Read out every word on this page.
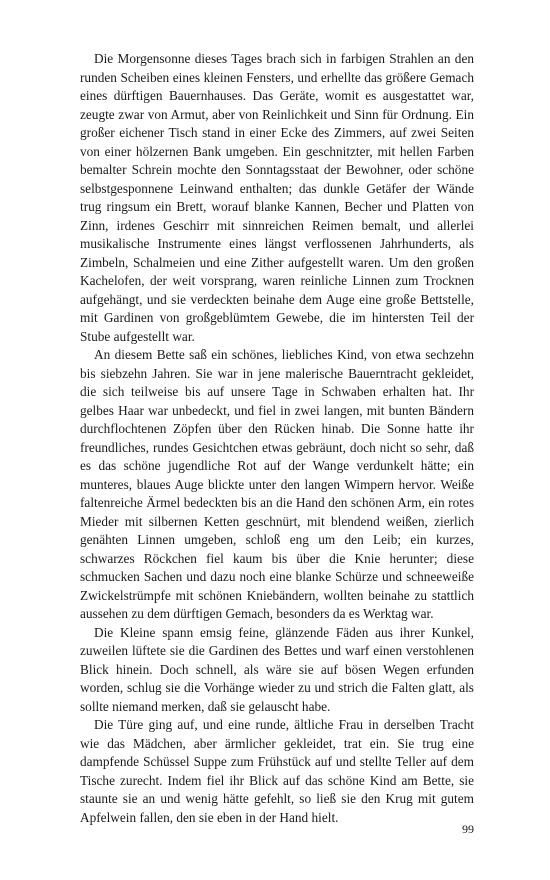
Die Morgensonne dieses Tages brach sich in farbigen Strahlen an den runden Scheiben eines kleinen Fensters, und erhellte das größere Gemach eines dürftigen Bauernhauses. Das Geräte, womit es ausgestattet war, zeugte zwar von Armut, aber von Reinlichkeit und Sinn für Ordnung. Ein großer eichener Tisch stand in einer Ecke des Zimmers, auf zwei Seiten von einer hölzernen Bank umgeben. Ein geschnitzter, mit hellen Farben bemalter Schrein mochte den Sonntagsstaat der Bewohner, oder schöne selbstgesponnene Leinwand enthalten; das dunkle Getäfer der Wände trug ringsum ein Brett, worauf blanke Kannen, Becher und Platten von Zinn, irdenes Geschirr mit sinnreichen Reimen bemalt, und allerlei musikalische Instrumente eines längst verflossenen Jahrhunderts, als Zimbeln, Schalmeien und eine Zither aufgestellt waren. Um den großen Kachelofen, der weit vorsprang, waren reinliche Linnen zum Trocknen aufgehängt, und sie verdeckten beinahe dem Auge eine große Bettstelle, mit Gardinen von großgeblümtem Gewebe, die im hintersten Teil der Stube aufgestellt war.

An diesem Bette saß ein schönes, liebliches Kind, von etwa sechzehn bis siebzehn Jahren. Sie war in jene malerische Bauerntracht gekleidet, die sich teilweise bis auf unsere Tage in Schwaben erhalten hat. Ihr gelbes Haar war unbedeckt, und fiel in zwei langen, mit bunten Bändern durchflochtenen Zöpfen über den Rücken hinab. Die Sonne hatte ihr freundliches, rundes Gesichtchen etwas gebräunt, doch nicht so sehr, daß es das schöne jugendliche Rot auf der Wange verdunkelt hätte; ein munteres, blaues Auge blickte unter den langen Wimpern hervor. Weiße faltenreiche Ärmel bedeckten bis an die Hand den schönen Arm, ein rotes Mieder mit silbernen Ketten geschnürt, mit blendend weißen, zierlich genähten Linnen umgeben, schloß eng um den Leib; ein kurzes, schwarzes Röckchen fiel kaum bis über die Knie herunter; diese schmucken Sachen und dazu noch eine blanke Schürze und schneeweiße Zwickelstrümpfe mit schönen Kniebändern, wollten beinahe zu stattlich aussehen zu dem dürftigen Gemach, besonders da es Werktag war.

Die Kleine spann emsig feine, glänzende Fäden aus ihrer Kunkel, zuweilen lüftete sie die Gardinen des Bettes und warf einen verstohlenen Blick hinein. Doch schnell, als wäre sie auf bösen Wegen erfunden worden, schlug sie die Vorhänge wieder zu und strich die Falten glatt, als sollte niemand merken, daß sie gelauscht habe.

Die Türe ging auf, und eine runde, ältliche Frau in derselben Tracht wie das Mädchen, aber ärmlicher gekleidet, trat ein. Sie trug eine dampfende Schüssel Suppe zum Frühstück auf und stellte Teller auf dem Tische zurecht. Indem fiel ihr Blick auf das schöne Kind am Bette, sie staunte sie an und wenig hätte gefehlt, so ließ sie den Krug mit gutem Apfelwein fallen, den sie eben in der Hand hielt.

99
